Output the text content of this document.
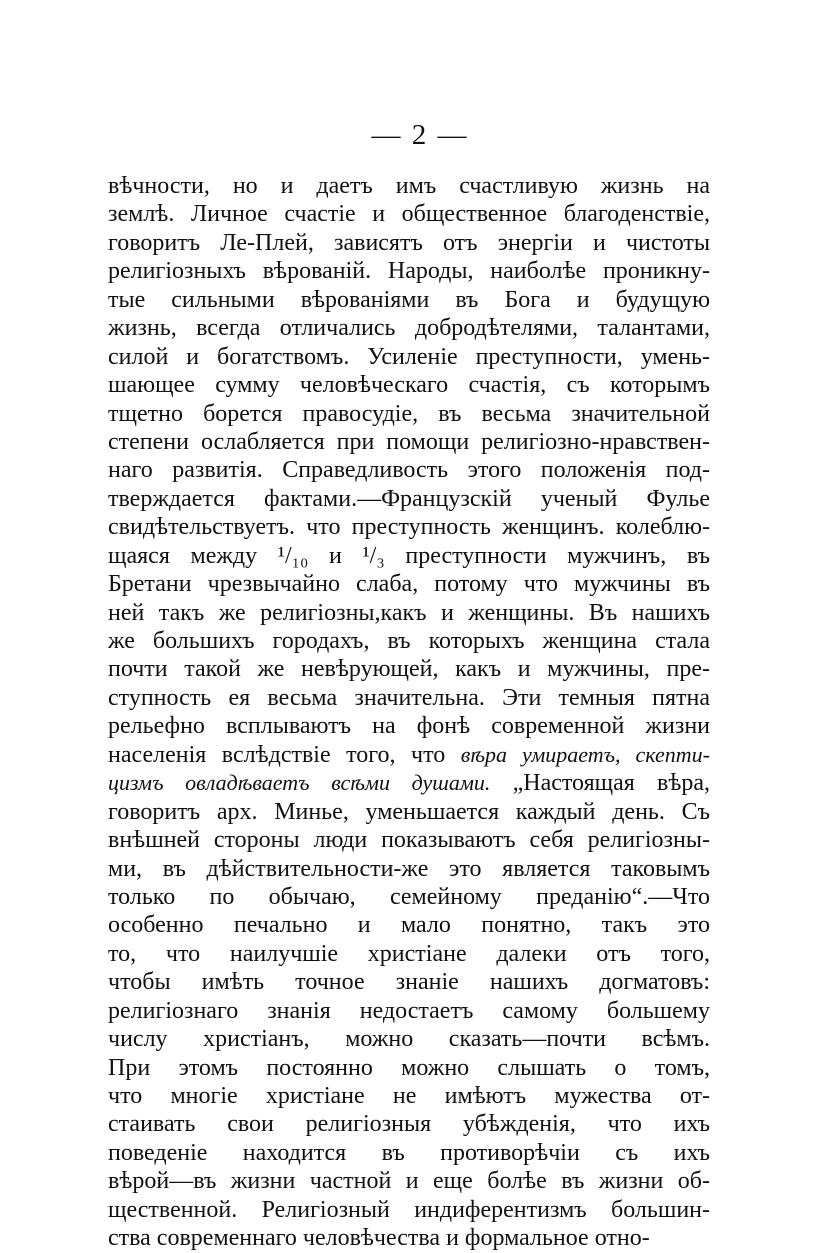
— 2 —
вѣчности, но и даетъ имъ счастливую жизнь на
землѣ. Личное счастіе и общественное благоденствіе,
говоритъ Ле-Плей, зависятъ отъ энергіи и чистоты
религіозныхъ вѣрованій. Народы, наиболѣе проникну-
тые сильными вѣрованіями въ Бога и будущую
жизнь, всегда отличались добродѣтелями, талантами,
силой и богатствомъ. Усиленіе преступности, умень-
шающее сумму человѣческаго счастія, съ которымъ
тщетно борется правосудіе, въ весьма значительной
степени ослабляется при помощи религіозно-нравствен-
наго развитія. Справедливость этого положенія под-
тверждается фактами.—Французскій ученый Фулье
свидѣтельствуетъ. что преступность женщинъ. колеблю-
щаяся между ¹/₁₀ и ¹/₃ преступности мужчинъ, въ
Бретани чрезвычайно слаба, потому что мужчины въ
ней такъ же религіозны,какъ и женщины. Въ нашихъ
же большихъ городахъ, въ которыхъ женщина стала
почти такой же невѣрующей, какъ и мужчины, пре-
ступность ея весьма значительна. Эти темныя пятна
рельефно всплываютъ на фонѣ современной жизни
населенія вслѣдствіе того, что вѣра умираетъ, скепти-
цизмъ овладѣваетъ всѣми душами. „Настоящая вѣра,
говоритъ арх. Минье, уменьшается каждый день. Съ
внѣшней стороны люди показываютъ себя религіозны-
ми, въ дѣйствительности-же это является таковымъ
только по обычаю, семейному преданію“.—Что
особенно печально и мало понятно, такъ это
то, что наилучшіе христіане далеки отъ того,
чтобы имѣть точное знаніе нашихъ догматовъ:
религіознаго знанія недостаетъ самому большему
числу христіанъ, можно сказать—почти всѣмъ.
При этомъ постоянно можно слышать о томъ,
что многіе христіане не имѣютъ мужества от-
стаивать свои религіозныя убѣжденія, что ихъ
поведеніе находится въ противорѣчіи съ ихъ
вѣрой—въ жизни частной и еще болѣе въ жизни об-
щественной. Религіозный индиферентизмъ большин-
ства современнаго человѣчества и формальное отно-
